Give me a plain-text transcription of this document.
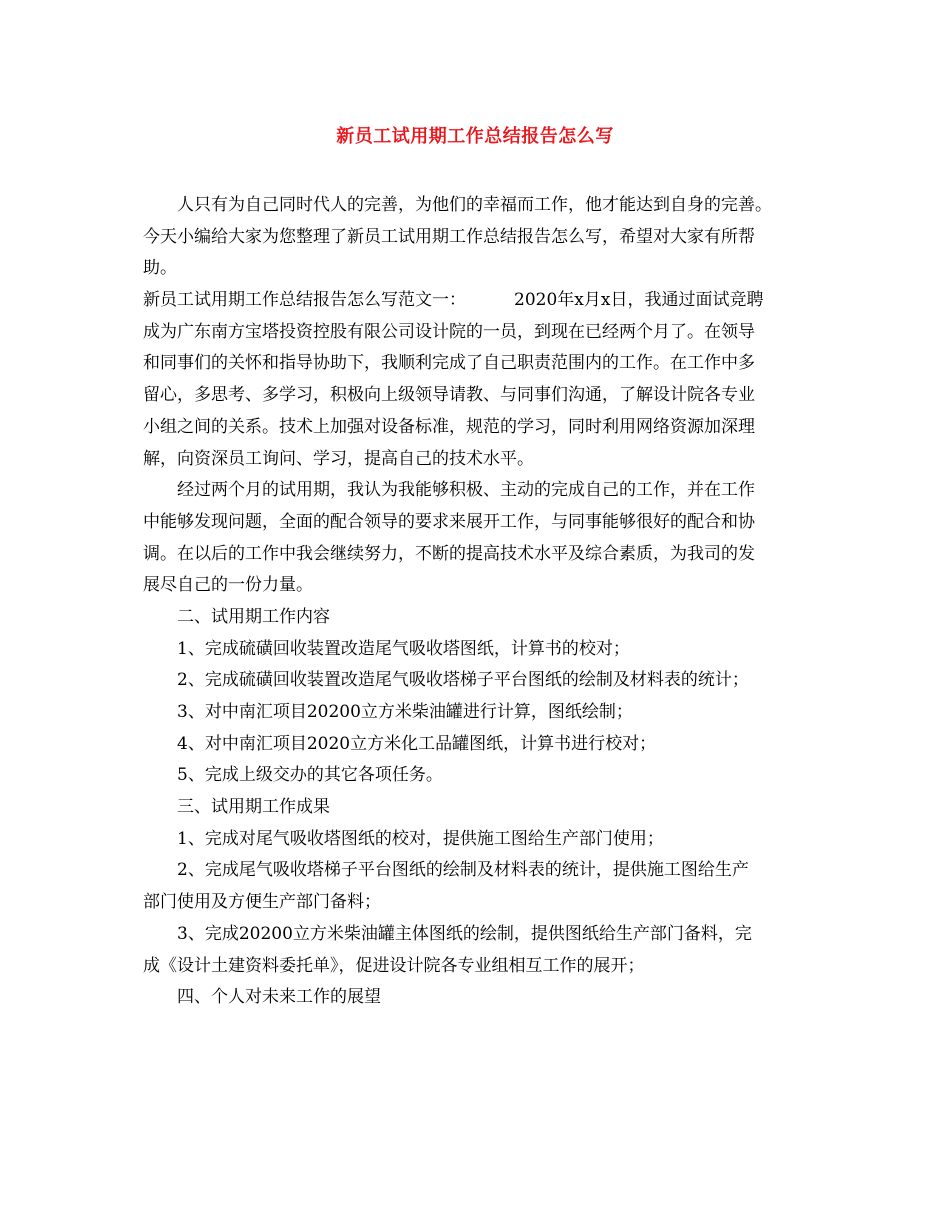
新员工试用期工作总结报告怎么写
人只有为自己同时代人的完善，为他们的幸福而工作，他才能达到自身的完善。
今天小编给大家为您整理了新员工试用期工作总结报告怎么写，希望对大家有所帮
助。
新员工试用期工作总结报告怎么写范文一：	2020年x月x日，我通过面试竞聘
成为广东南方宝塔投资控股有限公司设计院的一员，到现在已经两个月了。在领导
和同事们的关怀和指导协助下，我顺利完成了自己职责范围内的工作。在工作中多
留心，多思考、多学习，积极向上级领导请教、与同事们沟通，了解设计院各专业
小组之间的关系。技术上加强对设备标准，规范的学习，同时利用网络资源加深理
解，向资深员工询问、学习，提高自己的技术水平。
经过两个月的试用期，我认为我能够积极、主动的完成自己的工作，并在工作
中能够发现问题，全面的配合领导的要求来展开工作，与同事能够很好的配合和协
调。在以后的工作中我会继续努力，不断的提高技术水平及综合素质，为我司的发
展尽自己的一份力量。
二、试用期工作内容
1、完成硫磺回收装置改造尾气吸收塔图纸，计算书的校对；
2、完成硫磺回收装置改造尾气吸收塔梯子平台图纸的绘制及材料表的统计；
3、对中南汇项目20200立方米柴油罐进行计算，图纸绘制；
4、对中南汇项目2020立方米化工品罐图纸，计算书进行校对；
5、完成上级交办的其它各项任务。
三、试用期工作成果
1、完成对尾气吸收塔图纸的校对，提供施工图给生产部门使用；
2、完成尾气吸收塔梯子平台图纸的绘制及材料表的统计，提供施工图给生产
部门使用及方便生产部门备料；
3、完成20200立方米柴油罐主体图纸的绘制，提供图纸给生产部门备料，完
成《设计土建资料委托单》，促进设计院各专业组相互工作的展开；
四、个人对未来工作的展望
